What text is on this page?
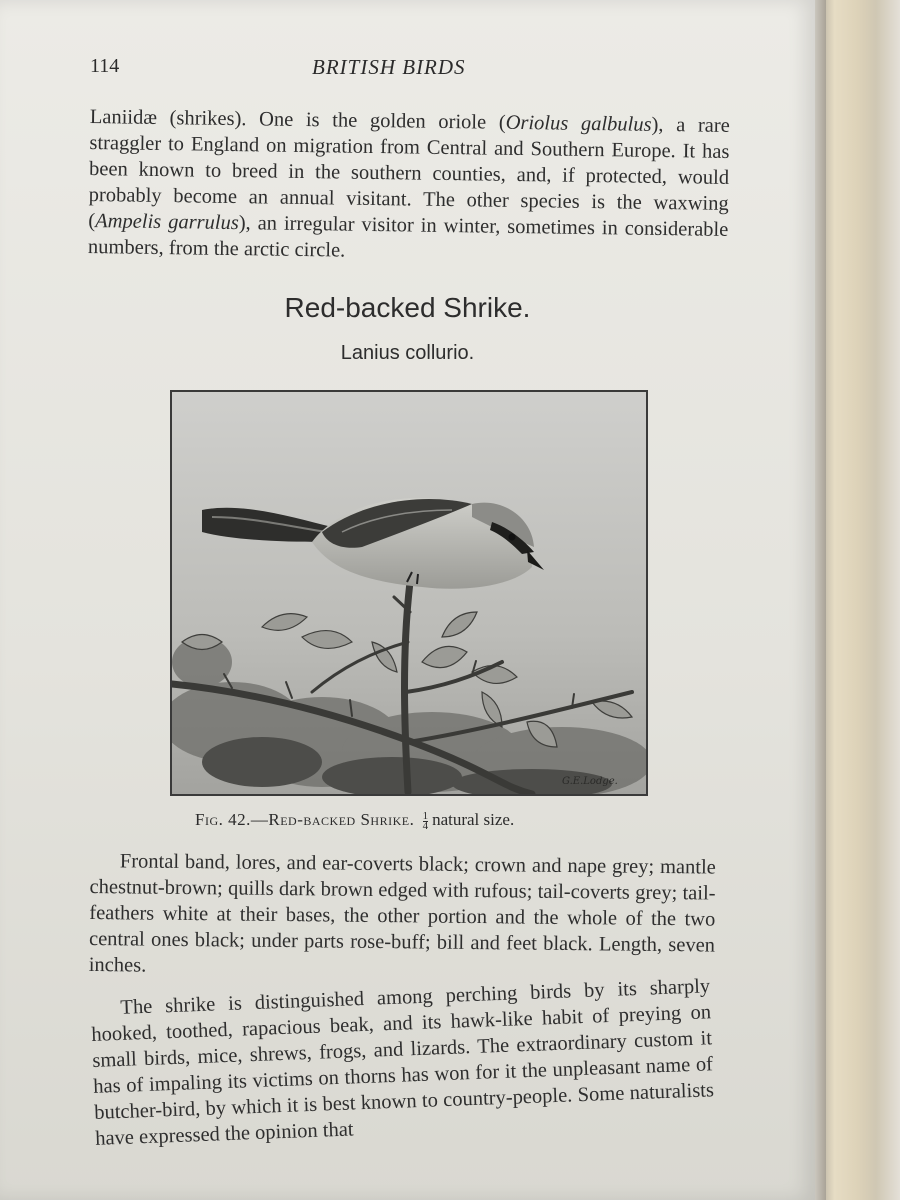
114	BRITISH BIRDS

Laniidæ (shrikes). One is the golden oriole (Oriolus galbulus), a rare straggler to England on migration from Central and Southern Europe. It has been known to breed in the southern counties, and, if protected, would probably become an annual visitant. The other species is the waxwing (Ampelis garrulus), an irregular visitor in winter, sometimes in considerable numbers, from the arctic circle.

Red-backed Shrike.
Lanius collurio.
G.E.Lodge.
Fig. 42.—Red-backed Shrike. $\frac{1}{4}$ natural size.

Frontal band, lores, and ear-coverts black; crown and nape grey; mantle chestnut-brown; quills dark brown edged with rufous; tail-coverts grey; tail-feathers white at their bases, the other portion and the whole of the two central ones black; under parts rose-buff; bill and feet black. Length, seven inches.

The shrike is distinguished among perching birds by its sharply hooked, toothed, rapacious beak, and its hawk-like habit of preying on small birds, mice, shrews, frogs, and lizards. The extraordinary custom it has of impaling its victims on thorns has won for it the unpleasant name of butcher-bird, by which it is best known to country-people. Some naturalists have expressed the opinion that
